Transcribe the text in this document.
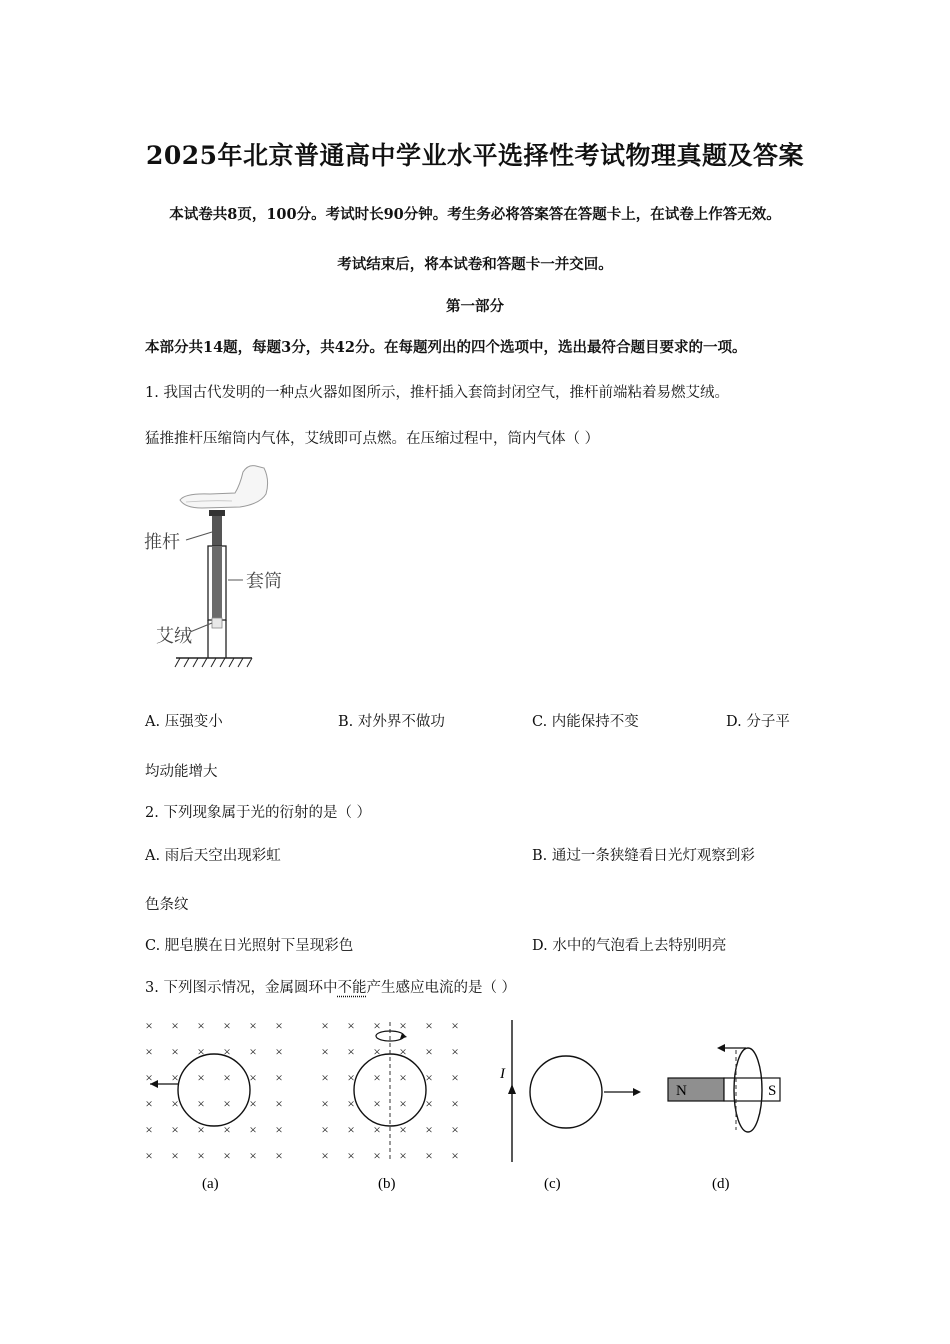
2025年北京普通高中学业水平选择性考试物理真题及答案
本试卷共8页，100分。考试时长90分钟。考生务必将答案答在答题卡上，在试卷上作答无效。
考试结束后，将本试卷和答题卡一并交回。
第一部分
本部分共14题，每题3分，共42分。在每题列出的四个选项中，选出最符合题目要求的一项。
1. 我国古代发明的一种点火器如图所示，推杆插入套筒封闭空气，推杆前端粘着易燃艾绒。
猛推推杆压缩筒内气体，艾绒即可点燃。在压缩过程中，筒内气体（ ）
推杆
套筒
艾绒
A. 压强变小	B. 对外界不做功	C. 内能保持不变	D. 分子平
均动能增大
2. 下列现象属于光的衍射的是（ ）
A. 雨后天空出现彩虹	B. 通过一条狭缝看日光灯观察到彩
色条纹
C. 肥皂膜在日光照射下呈现彩色	D. 水中的气泡看上去特别明亮
3. 下列图示情况，金属圆环中不能产生感应电流的是（ ）
× × × × × ×
× × × × × ×
× × × × × ×
× × × × × ×
× × × × × ×
× × × × × ×
(a)
× × × × × ×
× × × × × ×
× × × × × ×
× × × × × ×
× × × × × ×
× × × × × ×
(b)
I
(c)
N	S
(d)
